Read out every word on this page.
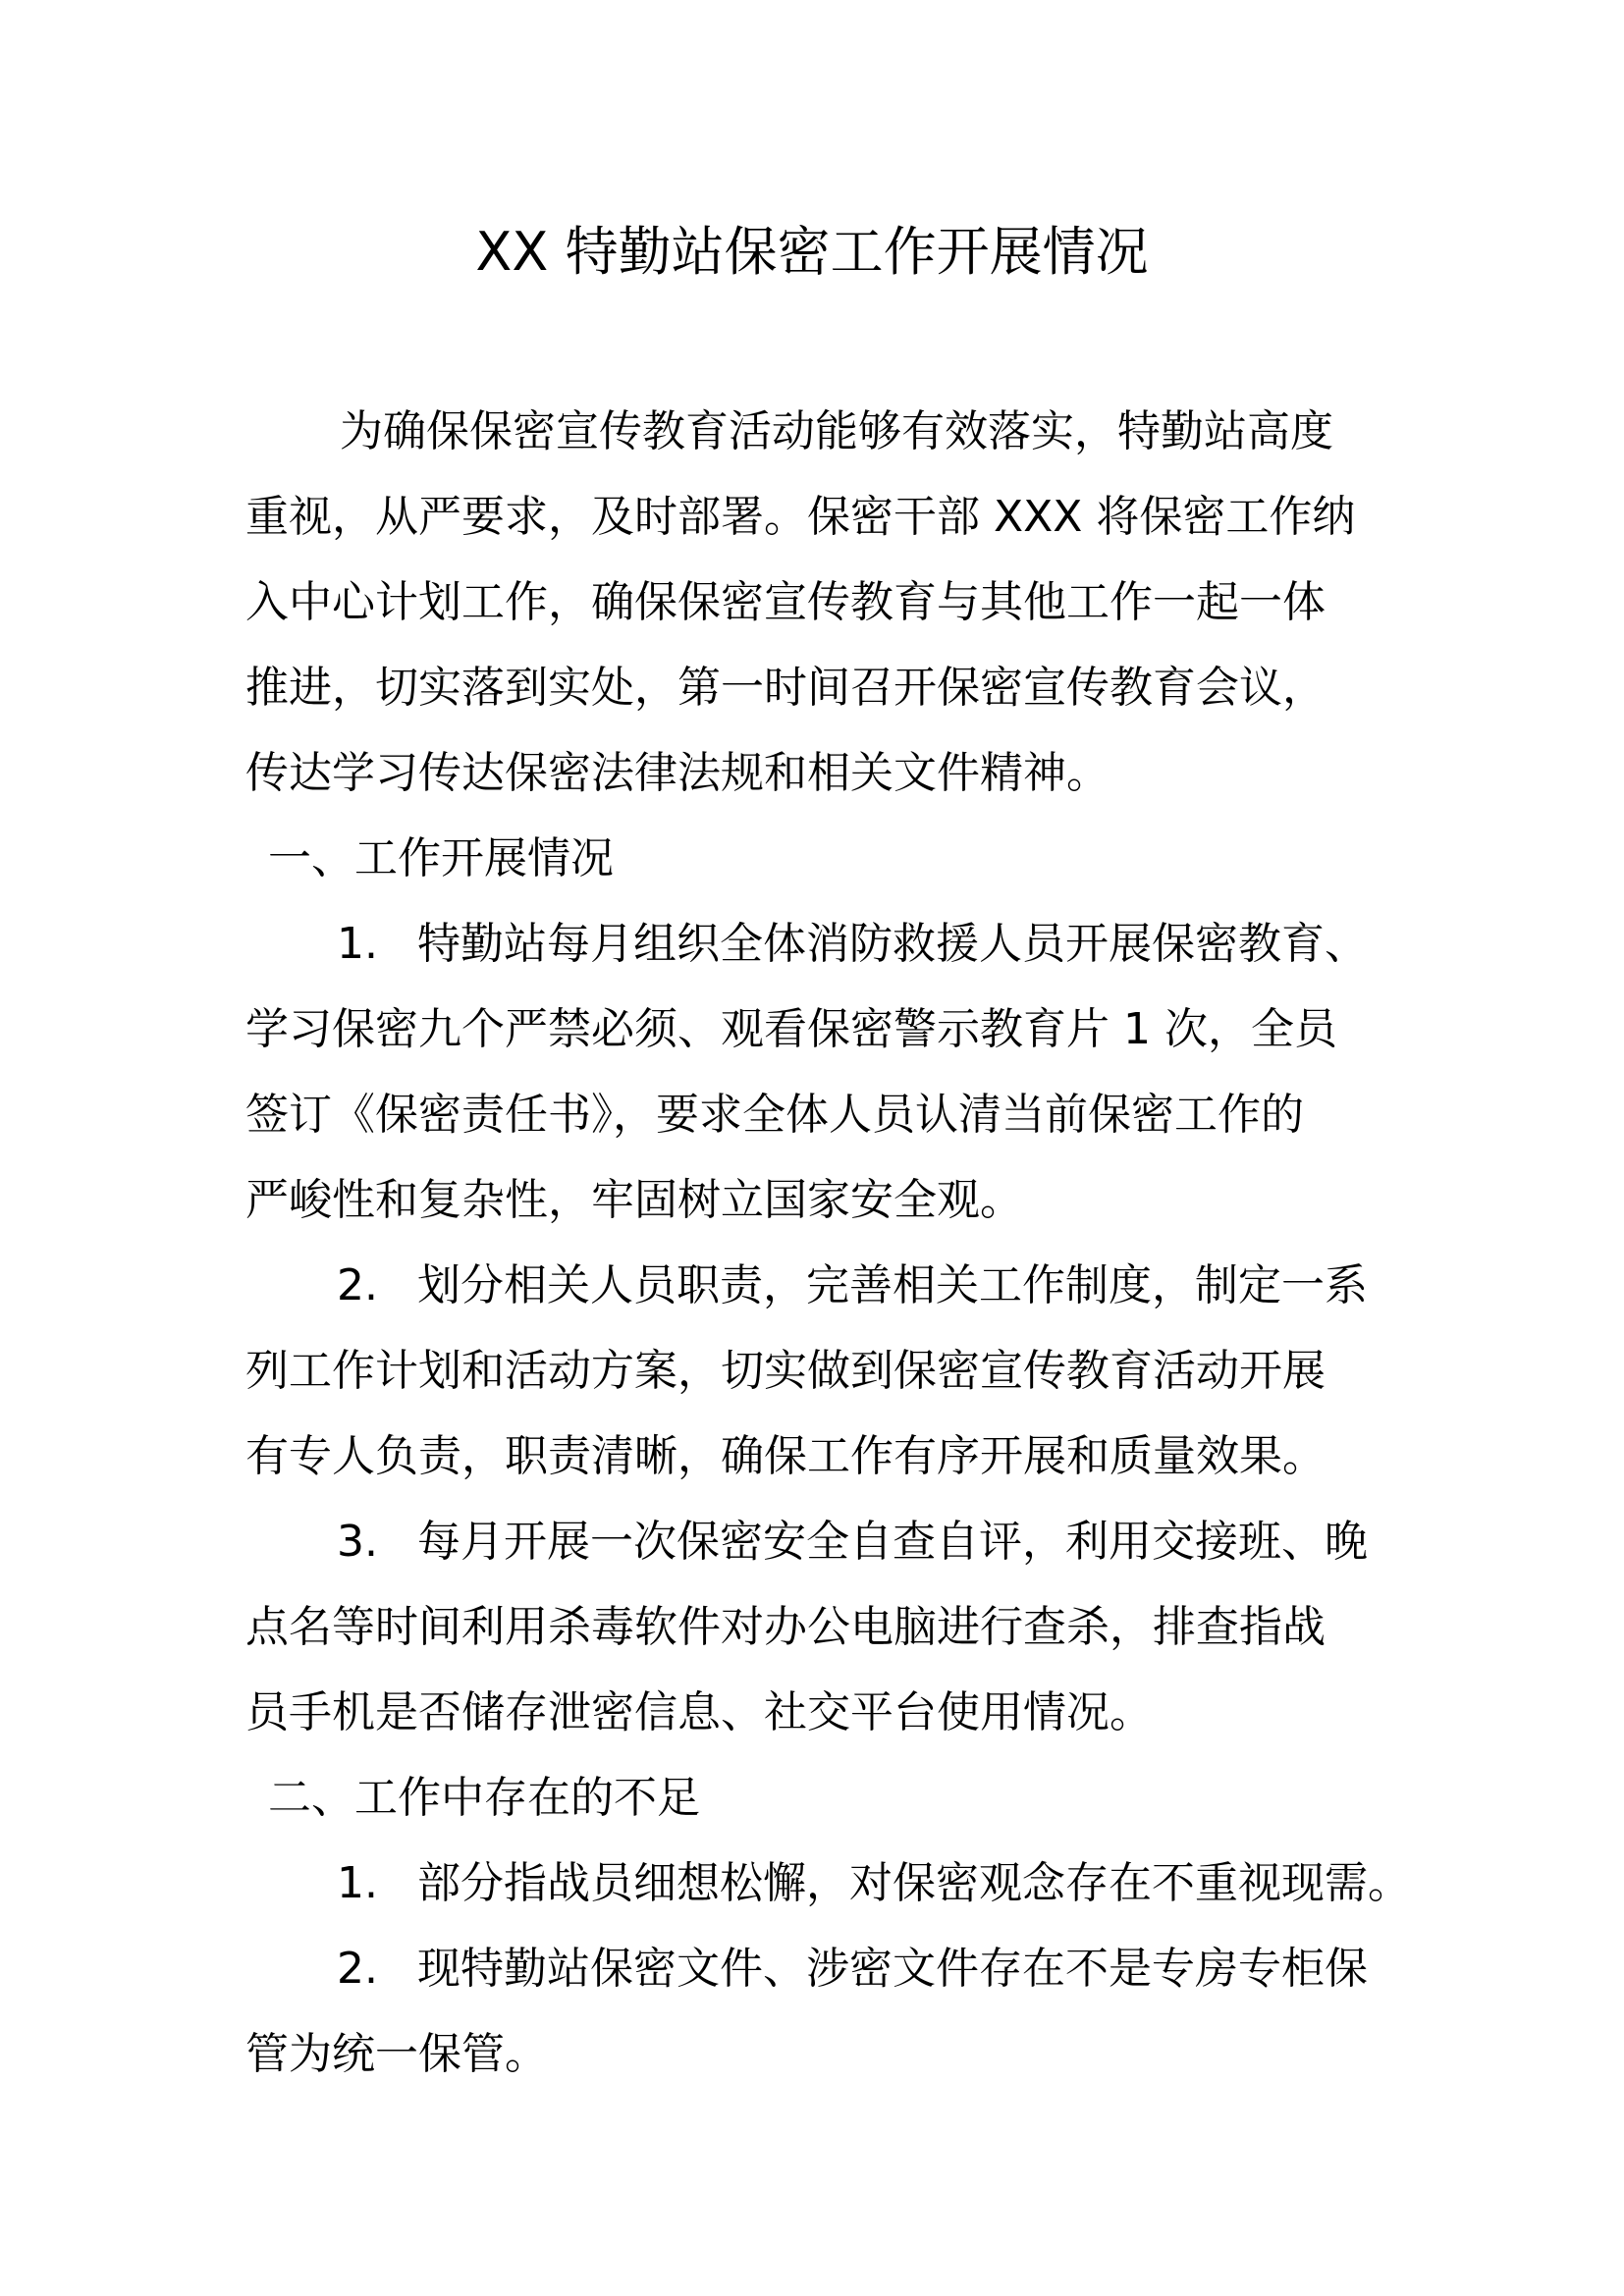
XX 特勤站保密工作开展情况
为确保保密宣传教育活动能够有效落实，特勤站高度
重视，从严要求，及时部署。保密干部 XXX 将保密工作纳
入中心计划工作，确保保密宣传教育与其他工作一起一体
推进，切实落到实处，第一时间召开保密宣传教育会议，
传达学习传达保密法律法规和相关文件精神。
一、工作开展情况
1. 特勤站每月组织全体消防救援人员开展保密教育、
学习保密九个严禁必须、观看保密警示教育片 1 次，全员
签订《保密责任书》，要求全体人员认清当前保密工作的
严峻性和复杂性，牢固树立国家安全观。
2. 划分相关人员职责，完善相关工作制度，制定一系
列工作计划和活动方案，切实做到保密宣传教育活动开展
有专人负责，职责清晰，确保工作有序开展和质量效果。
3. 每月开展一次保密安全自查自评，利用交接班、晚
点名等时间利用杀毒软件对办公电脑进行查杀，排查指战
员手机是否储存泄密信息、社交平台使用情况。
二、工作中存在的不足
1. 部分指战员细想松懈，对保密观念存在不重视现需。
2. 现特勤站保密文件、涉密文件存在不是专房专柜保
管为统一保管。
